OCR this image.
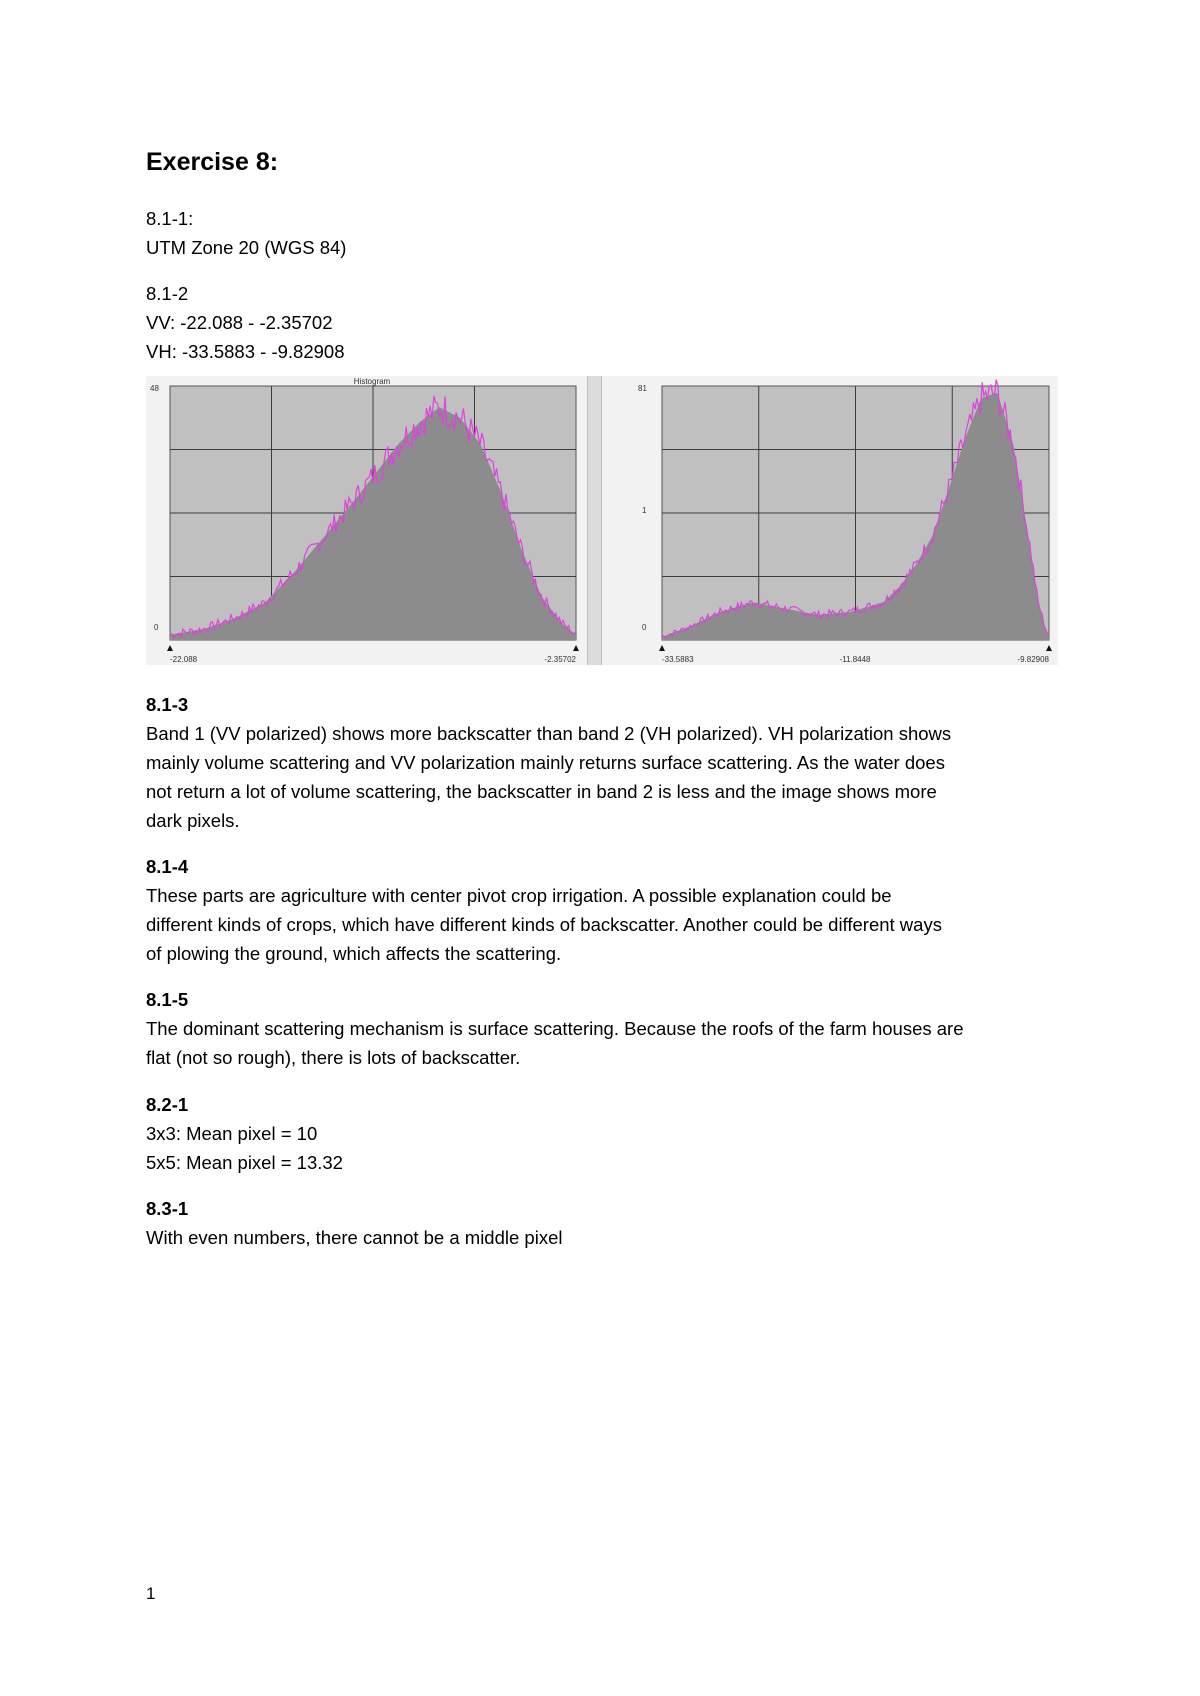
Exercise 8:
8.1-1:

UTM Zone 20 (WGS 84)

8.1-2

VV: -22.088 - -2.35702

VH: -33.5883 - -9.82908

48
0
-22.088	-2.35702
Histogram
81
1
0
-33.5883	-9.82908
-11.8448
8.1-3

Band 1 (VV polarized) shows more backscatter than band 2 (VH polarized). VH polarization shows

mainly volume scattering and VV polarization mainly returns surface scattering. As the water does

not return a lot of volume scattering, the backscatter in band 2 is less and the image shows more

dark pixels.

8.1-4

These parts are agriculture with center pivot crop irrigation. A possible explanation could be

different kinds of crops, which have different kinds of backscatter. Another could be different ways

of plowing the ground, which affects the scattering.

8.1-5

The dominant scattering mechanism is surface scattering. Because the roofs of the farm houses are

flat (not so rough), there is lots of backscatter.

8.2-1

3x3: Mean pixel = 10

5x5: Mean pixel = 13.32

8.3-1

With even numbers, there cannot be a middle pixel

1
